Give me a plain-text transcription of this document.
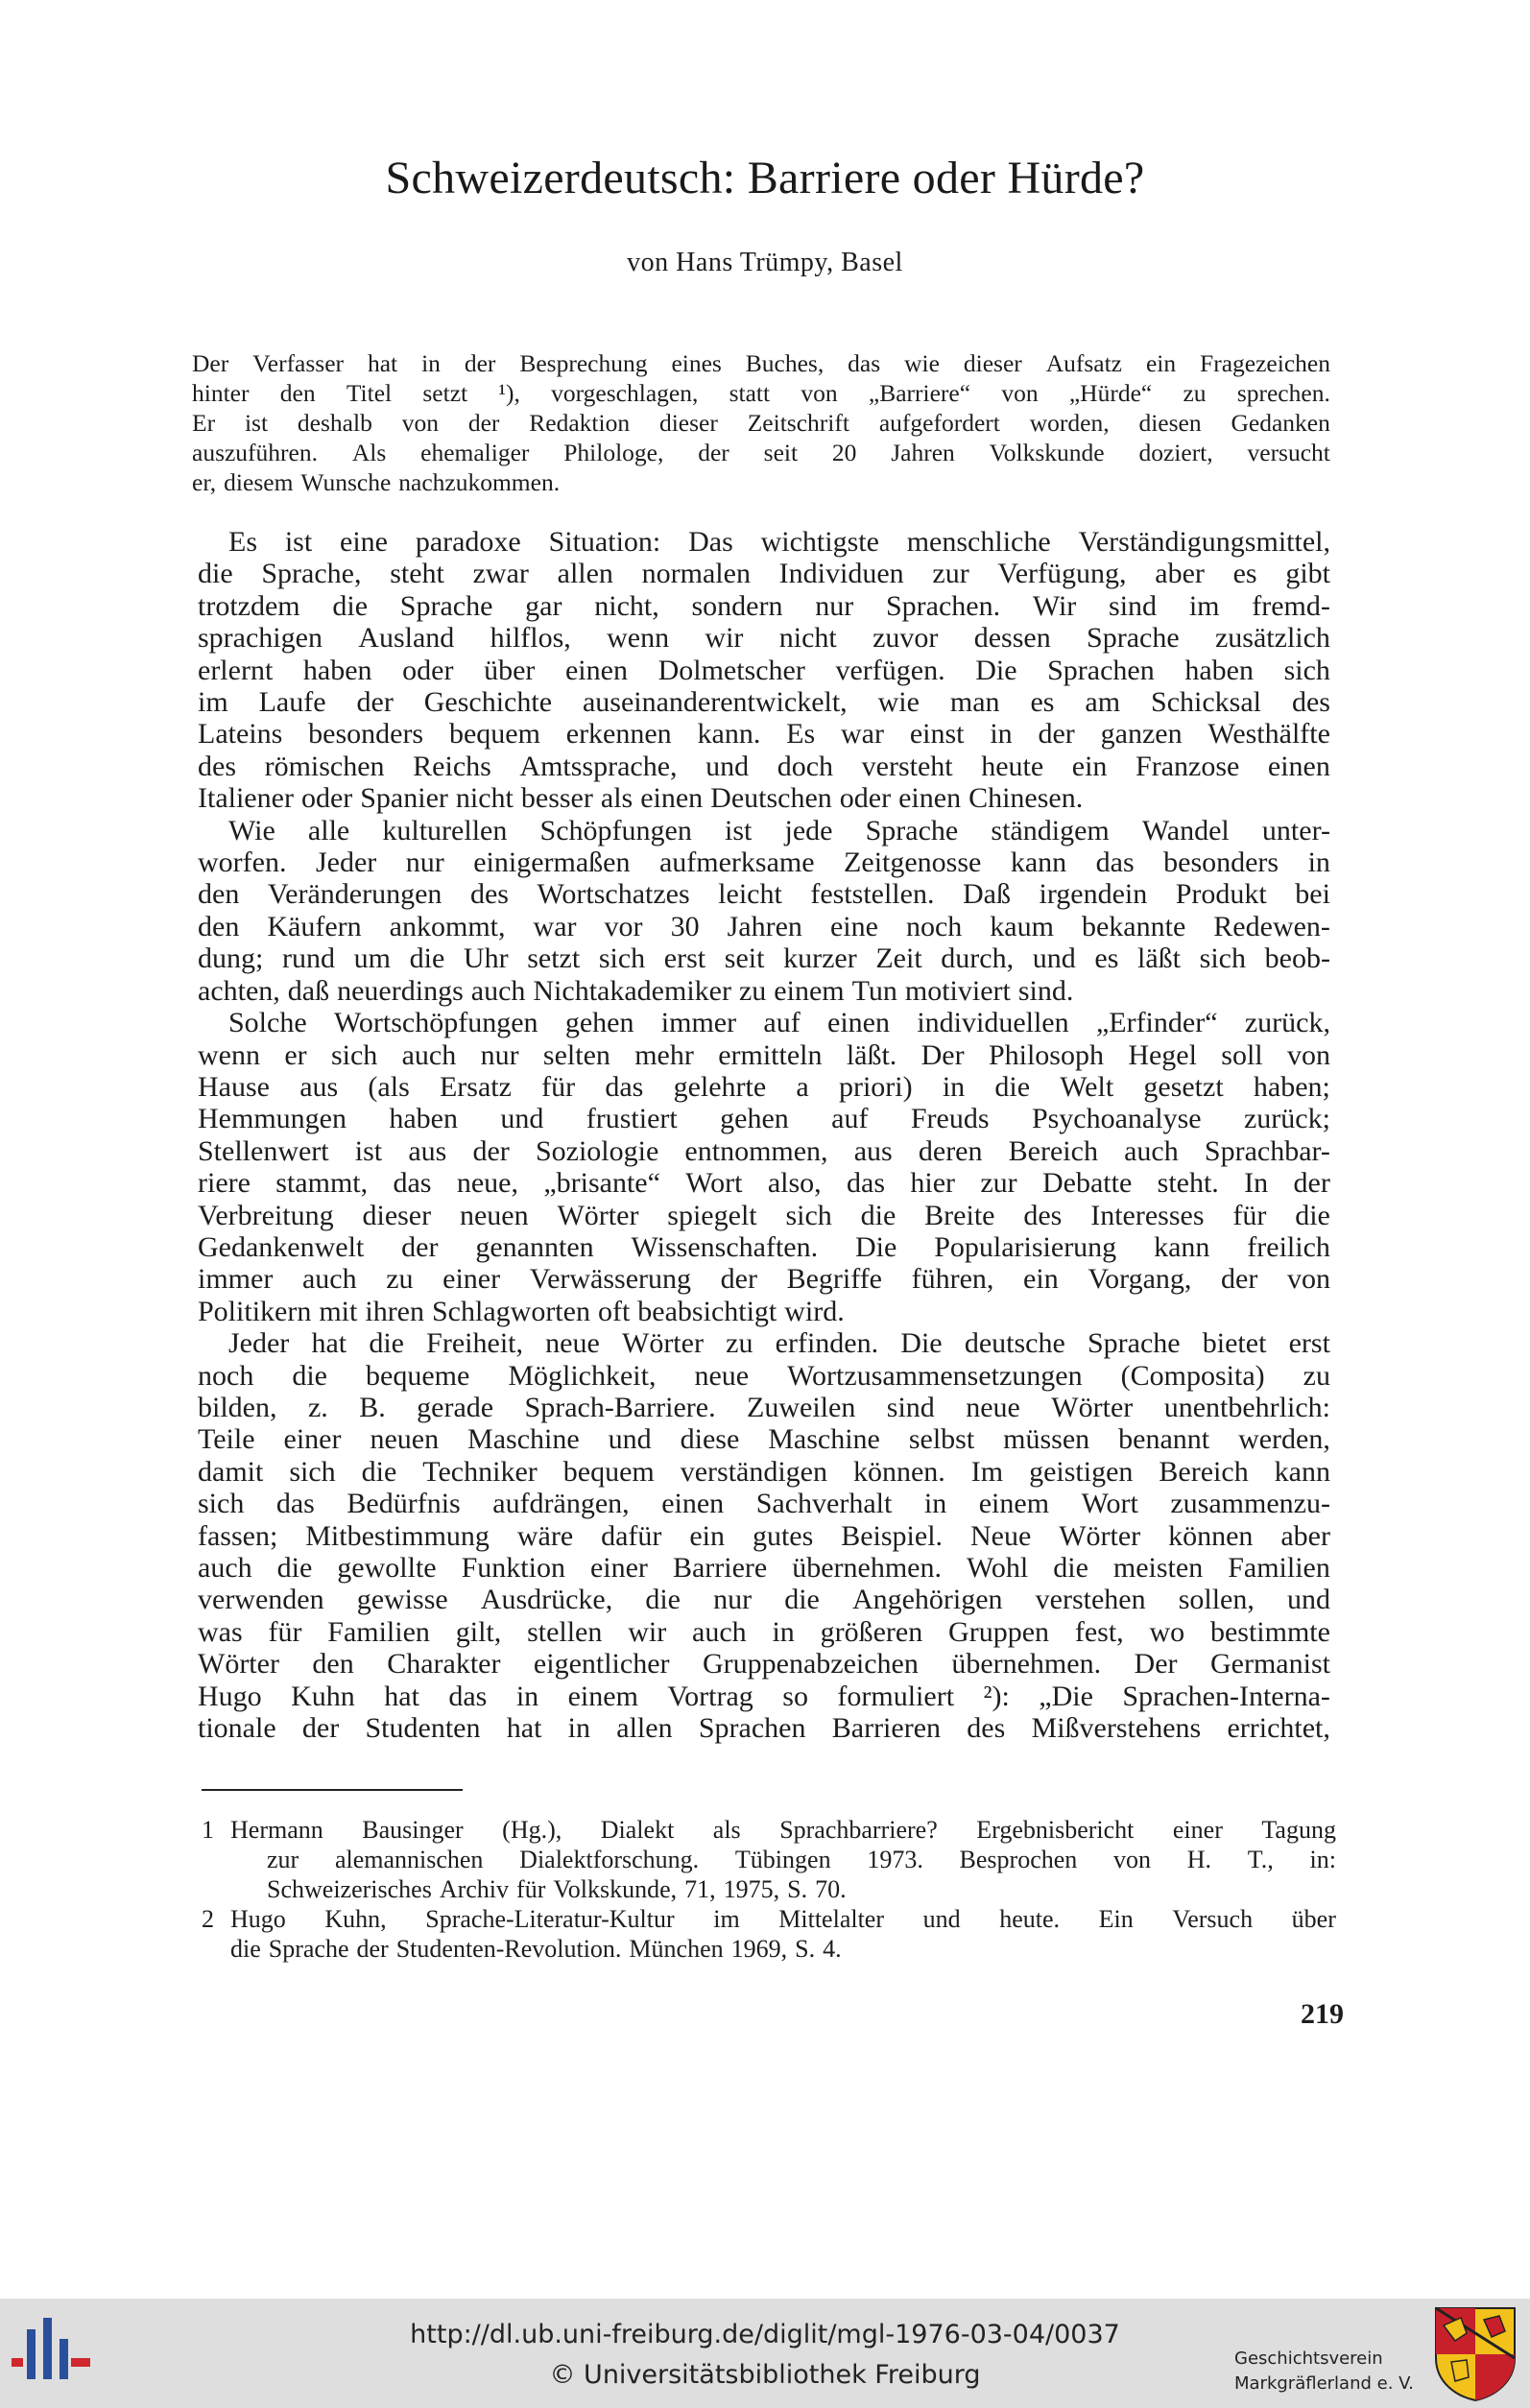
Schweizerdeutsch: Barriere oder Hürde?
von Hans Trümpy, Basel
Der Verfasser hat in der Besprechung eines Buches, das wie dieser Aufsatz ein Fragezeichen
hinter den Titel setzt ¹), vorgeschlagen, statt von „Barriere“ von „Hürde“ zu sprechen.
Er ist deshalb von der Redaktion dieser Zeitschrift aufgefordert worden, diesen Gedanken
auszuführen. Als ehemaliger Philologe, der seit 20 Jahren Volkskunde doziert, versucht
er, diesem Wunsche nachzukommen.
Es ist eine paradoxe Situation: Das wichtigste menschliche Verständigungsmittel,
die Sprache, steht zwar allen normalen Individuen zur Verfügung, aber es gibt
trotzdem die Sprache gar nicht, sondern nur Sprachen. Wir sind im fremd-
sprachigen Ausland hilflos, wenn wir nicht zuvor dessen Sprache zusätzlich
erlernt haben oder über einen Dolmetscher verfügen. Die Sprachen haben sich
im Laufe der Geschichte auseinanderentwickelt, wie man es am Schicksal des
Lateins besonders bequem erkennen kann. Es war einst in der ganzen Westhälfte
des römischen Reichs Amtssprache, und doch versteht heute ein Franzose einen
Italiener oder Spanier nicht besser als einen Deutschen oder einen Chinesen.
Wie alle kulturellen Schöpfungen ist jede Sprache ständigem Wandel unter-
worfen. Jeder nur einigermaßen aufmerksame Zeitgenosse kann das besonders in
den Veränderungen des Wortschatzes leicht feststellen. Daß irgendein Produkt bei
den Käufern ankommt, war vor 30 Jahren eine noch kaum bekannte Redewen-
dung; rund um die Uhr setzt sich erst seit kurzer Zeit durch, und es läßt sich beob-
achten, daß neuerdings auch Nichtakademiker zu einem Tun motiviert sind.
Solche Wortschöpfungen gehen immer auf einen individuellen „Erfinder“ zurück,
wenn er sich auch nur selten mehr ermitteln läßt. Der Philosoph Hegel soll von
Hause aus (als Ersatz für das gelehrte a priori) in die Welt gesetzt haben;
Hemmungen haben und frustiert gehen auf Freuds Psychoanalyse zurück;
Stellenwert ist aus der Soziologie entnommen, aus deren Bereich auch Sprachbar-
riere stammt, das neue, „brisante“ Wort also, das hier zur Debatte steht. In der
Verbreitung dieser neuen Wörter spiegelt sich die Breite des Interesses für die
Gedankenwelt der genannten Wissenschaften. Die Popularisierung kann freilich
immer auch zu einer Verwässerung der Begriffe führen, ein Vorgang, der von
Politikern mit ihren Schlagworten oft beabsichtigt wird.
Jeder hat die Freiheit, neue Wörter zu erfinden. Die deutsche Sprache bietet erst
noch die bequeme Möglichkeit, neue Wortzusammensetzungen (Composita) zu
bilden, z. B. gerade Sprach-Barriere. Zuweilen sind neue Wörter unentbehrlich:
Teile einer neuen Maschine und diese Maschine selbst müssen benannt werden,
damit sich die Techniker bequem verständigen können. Im geistigen Bereich kann
sich das Bedürfnis aufdrängen, einen Sachverhalt in einem Wort zusammenzu-
fassen; Mitbestimmung wäre dafür ein gutes Beispiel. Neue Wörter können aber
auch die gewollte Funktion einer Barriere übernehmen. Wohl die meisten Familien
verwenden gewisse Ausdrücke, die nur die Angehörigen verstehen sollen, und
was für Familien gilt, stellen wir auch in größeren Gruppen fest, wo bestimmte
Wörter den Charakter eigentlicher Gruppenabzeichen übernehmen. Der Germanist
Hugo Kuhn hat das in einem Vortrag so formuliert ²): „Die Sprachen-Interna-
tionale der Studenten hat in allen Sprachen Barrieren des Mißverstehens errichtet,
1 Hermann Bausinger (Hg.), Dialekt als Sprachbarriere? Ergebnisbericht einer Tagung
zur alemannischen Dialektforschung. Tübingen 1973. Besprochen von H. T., in:
Schweizerisches Archiv für Volkskunde, 71, 1975, S. 70.
2 Hugo Kuhn, Sprache-Literatur-Kultur im Mittelalter und heute. Ein Versuch über
die Sprache der Studenten-Revolution. München 1969, S. 4.
219
http://dl.ub.uni-freiburg.de/diglit/mgl-1976-03-04/0037
© Universitätsbibliothek Freiburg
Geschichtsverein
Markgräflerland e. V.
